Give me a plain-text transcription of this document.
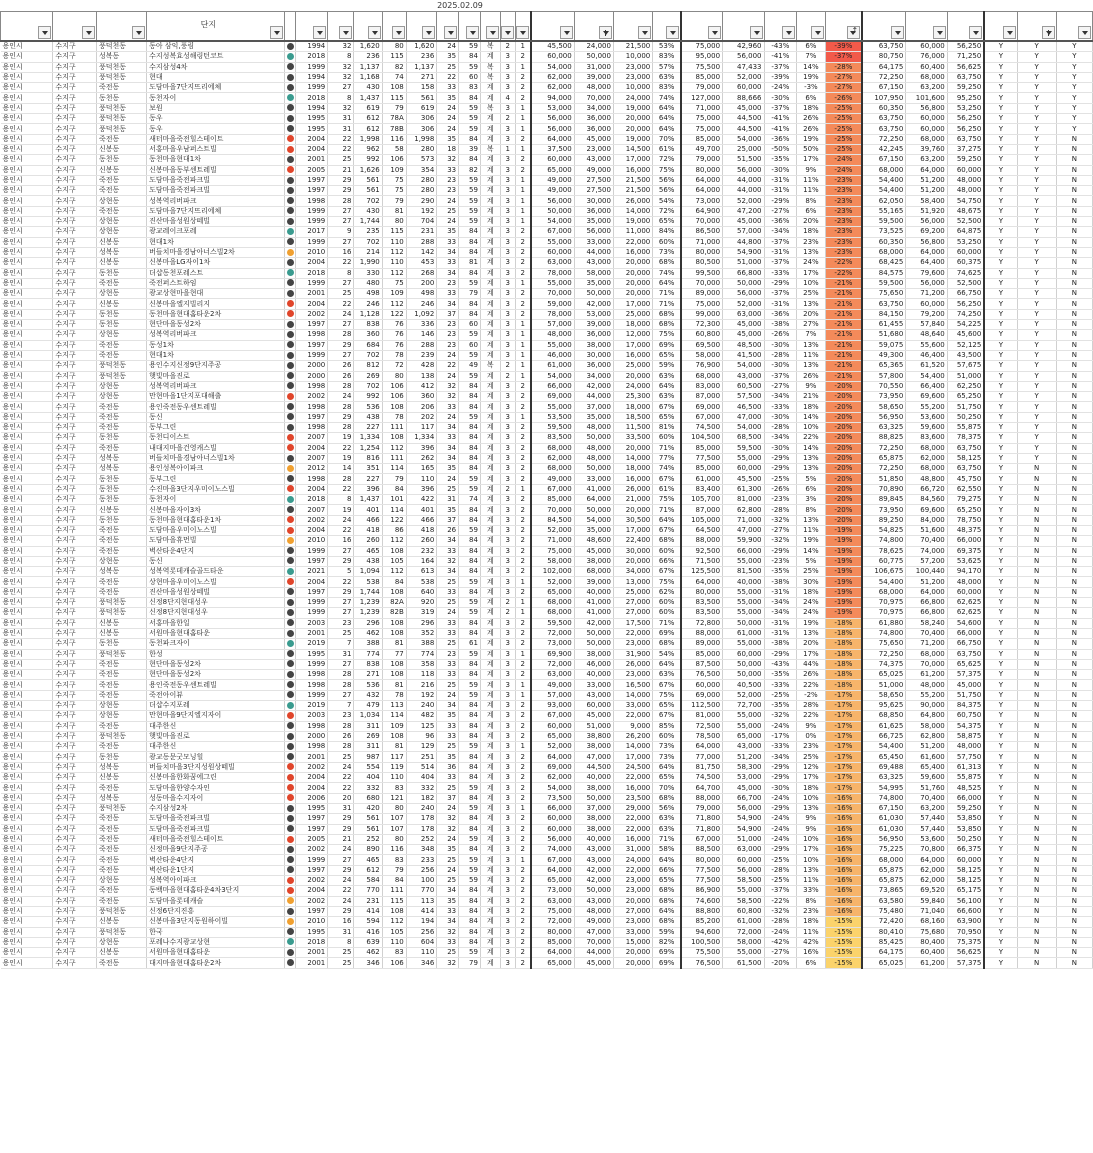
2025.02.09

			단지

↑

용인시	수지구	풍덕천동	동아 삼익,풍림		1994	32	1,620	80	1,620	24	59	복	2	1	45,500	24,000	21,500	53%	75,000	42,960	-43%	6%	-39%	63,750	60,000	56,250	Y	Y	Y
용인시	수지구	성복동	수지성복효성해링턴코트		2018	8	236	115	236	35	84	계	3	2	60,000	50,000	10,000	83%	95,000	56,000	-41%	7%	-37%	80,750	76,000	71,250	Y	Y	Y
용인시	수지구	풍덕천동	수지삼성4차		1999	32	1,137	82	1,137	25	59	복	3	1	54,000	31,000	23,000	57%	75,500	47,433	-37%	14%	-28%	64,175	60,400	56,625	Y	Y	Y
용인시	수지구	풍덕천동	현대		1994	32	1,168	74	271	22	60	복	3	2	62,000	39,000	23,000	63%	85,000	52,000	-39%	19%	-27%	72,250	68,000	63,750	Y	Y	Y
용인시	수지구	죽전동	도담마을7단지뜨리에체		1999	27	430	108	158	33	83	계	3	2	62,000	48,000	10,000	83%	79,000	60,000	-24%	-3%	-27%	67,150	63,200	59,250	Y	Y	Y
용인시	수지구	동천동	동천자이		2018	8	1,437	115	561	35	84	계	4	2	94,000	70,000	24,000	74%	127,000	88,666	-30%	6%	-26%	107,950	101,600	95,250	Y	Y	Y
용인시	수지구	풍덕천동	보원		1994	32	619	79	619	24	59	복	3	1	53,000	34,000	19,000	64%	71,000	45,000	-37%	18%	-25%	60,350	56,800	53,250	Y	Y	Y
용인시	수지구	풍덕천동	동우		1995	31	612	78A	306	24	59	계	2	1	56,000	36,000	20,000	64%	75,000	44,500	-41%	26%	-25%	63,750	60,000	56,250	Y	Y	Y
용인시	수지구	풍덕천동	동우		1995	31	612	78B	306	24	59	계	3	1	56,000	36,000	20,000	64%	75,000	44,500	-41%	26%	-25%	63,750	60,000	56,250	Y	Y	Y
용인시	수지구	죽전동	새터마을죽전힐스테이트		2004	22	1,998	116	1,998	35	84	계	3	2	64,000	45,000	19,000	70%	85,000	54,000	-36%	19%	-25%	72,250	68,000	63,750	Y	Y	N
용인시	수지구	신봉동	서홍마을우남퍼스트빌		2004	22	962	58	280	18	39	복	1	1	37,500	23,000	14,500	61%	49,700	25,000	-50%	50%	-25%	42,245	39,760	37,275	Y	Y	N
용인시	수지구	동천동	동천마을현대1차		2001	25	992	106	573	32	84	계	3	2	60,000	43,000	17,000	72%	79,000	51,500	-35%	17%	-24%	67,150	63,200	59,250	Y	Y	N
용인시	수지구	신봉동	신봉마을동부센트레빌		2005	21	1,626	109	354	33	82	계	3	2	65,000	49,000	16,000	75%	80,000	56,000	-30%	9%	-24%	68,000	64,000	60,000	Y	Y	N
용인시	수지구	죽전동	도담마을죽전파크빌		1997	29	561	75	280	23	59	계	3	1	49,000	27,500	21,500	56%	64,000	44,000	-31%	11%	-23%	54,400	51,200	48,000	Y	Y	N
용인시	수지구	죽전동	도담마을죽전파크빌		1997	29	561	75	280	23	59	계	3	1	49,000	27,500	21,500	56%	64,000	44,000	-31%	11%	-23%	54,400	51,200	48,000	Y	Y	N
용인시	수지구	상현동	성복역리버파크		1998	28	702	79	290	24	59	계	3	1	56,000	30,000	26,000	54%	73,000	52,000	-29%	8%	-23%	62,050	58,400	54,750	Y	Y	N
용인시	수지구	죽전동	도담마을7단지뜨리에체		1999	27	430	81	192	25	59	계	3	1	50,000	36,000	14,000	72%	64,900	47,200	-27%	6%	-23%	55,165	51,920	48,675	Y	Y	N
용인시	수지구	상현동	진산마을성원상떼빌		1999	27	1,744	80	704	24	59	계	3	1	54,000	35,000	19,000	65%	70,000	45,000	-36%	20%	-23%	59,500	56,000	52,500	Y	Y	N
용인시	수지구	상현동	광교레이크포레		2017	9	235	115	231	35	84	계	3	2	67,000	56,000	11,000	84%	86,500	57,000	-34%	18%	-23%	73,525	69,200	64,875	Y	Y	N
용인시	수지구	신봉동	현대1차		1999	27	702	110	288	33	84	계	3	2	55,000	33,000	22,000	60%	71,000	44,800	-37%	23%	-23%	60,350	56,800	53,250	Y	Y	N
용인시	수지구	성복동	버들치마을경남아너스빌2차		2010	16	214	112	142	34	84	계	3	2	60,000	44,000	16,000	73%	80,000	54,900	-31%	13%	-23%	68,000	64,000	60,000	Y	Y	N
용인시	수지구	신봉동	신봉마을LG자이1차		2004	22	1,990	110	453	33	81	계	3	2	63,000	43,000	20,000	68%	80,500	51,000	-37%	24%	-22%	68,425	64,400	60,375	Y	Y	N
용인시	수지구	동천동	더샵동천포레스트		2018	8	330	112	268	34	84	계	3	2	78,000	58,000	20,000	74%	99,500	66,800	-33%	17%	-22%	84,575	79,600	74,625	Y	Y	N
용인시	수지구	죽전동	죽전퍼스트하임		1999	27	480	75	200	23	59	계	3	1	55,000	35,000	20,000	64%	70,000	50,000	-29%	10%	-21%	59,500	56,000	52,500	Y	Y	N
용인시	수지구	상현동	광교상현마을현대		2001	25	498	109	498	33	79	계	3	2	70,000	50,000	20,000	71%	89,000	56,000	-37%	25%	-21%	75,650	71,200	66,750	Y	Y	N
용인시	수지구	신봉동	신봉마을엘지빌리지		2004	22	246	112	246	34	84	계	3	2	59,000	42,000	17,000	71%	75,000	52,000	-31%	13%	-21%	63,750	60,000	56,250	Y	Y	N
용인시	수지구	동천동	동천마을현대홈타운2차		2002	24	1,128	122	1,092	37	84	계	3	2	78,000	53,000	25,000	68%	99,000	63,000	-36%	20%	-21%	84,150	79,200	74,250	Y	Y	N
용인시	수지구	동천동	현단마을동성2차		1997	27	838	76	336	23	60	계	3	1	57,000	39,000	18,000	68%	72,300	45,000	-38%	27%	-21%	61,455	57,840	54,225	Y	Y	N
용인시	수지구	상현동	성복역리버파크		1998	28	360	76	146	23	59	계	3	1	48,000	36,000	12,000	75%	60,800	45,000	-26%	7%	-21%	51,680	48,640	45,600	Y	Y	N
용인시	수지구	죽전동	동성1차		1997	29	684	76	288	23	60	계	3	1	55,000	38,000	17,000	69%	69,500	48,500	-30%	13%	-21%	59,075	55,600	52,125	Y	Y	N
용인시	수지구	죽전동	현대1차		1999	27	702	78	239	24	59	계	3	1	46,000	30,000	16,000	65%	58,000	41,500	-28%	11%	-21%	49,300	46,400	43,500	Y	Y	N
용인시	수지구	풍덕천동	용인수지신정9단지주공		2000	26	812	72	428	22	49	복	2	1	61,000	36,000	25,000	59%	76,900	54,000	-30%	13%	-21%	65,365	61,520	57,675	Y	Y	N
용인시	수지구	풍덕천동	햇빛마을진로		2000	26	269	80	138	24	59	계	2	1	54,000	34,000	20,000	63%	68,000	43,000	-37%	26%	-21%	57,800	54,400	51,000	Y	Y	N
용인시	수지구	상현동	성복역리버파크		1998	28	702	106	412	32	84	계	3	2	66,000	42,000	24,000	64%	83,000	60,500	-27%	9%	-20%	70,550	66,400	62,250	Y	Y	N
용인시	수지구	상현동	만현마을1단지포대해출		2002	24	992	106	360	32	84	계	3	2	69,000	44,000	25,300	63%	87,000	57,500	-34%	21%	-20%	73,950	69,600	65,250	Y	Y	N
용인시	수지구	죽전동	용인죽전동우센트레빌		1998	28	536	108	206	33	84	계	3	2	55,000	37,000	18,000	67%	69,000	46,500	-33%	18%	-20%	58,650	55,200	51,750	Y	Y	N
용인시	수지구	죽전동	동신		1997	29	438	78	202	24	59	계	3	1	53,500	35,000	18,500	65%	67,000	47,000	-30%	14%	-20%	56,950	53,600	50,250	Y	Y	N
용인시	수지구	죽전동	동부그린		1998	28	227	111	117	34	84	계	3	2	59,500	48,000	11,500	81%	74,500	54,000	-28%	10%	-20%	63,325	59,600	55,875	Y	Y	N
용인시	수지구	동천동	동천디이스트		2007	19	1,334	108	1,334	33	84	계	3	2	83,500	50,000	33,500	60%	104,500	68,500	-34%	22%	-20%	88,825	83,600	78,375	Y	Y	N
용인시	수지구	죽전동	내대지마을건영캐스빌		2004	22	1,254	112	396	34	84	계	3	2	68,000	48,000	20,000	71%	85,000	59,500	-30%	14%	-20%	72,250	68,000	63,750	Y	Y	N
용인시	수지구	성복동	버들치마을경남아너스빌1차		2007	19	816	111	262	34	84	계	3	2	62,000	48,000	14,000	77%	77,500	55,000	-29%	13%	-20%	65,875	62,000	58,125	Y	Y	N
용인시	수지구	성복동	용인성복아이파크		2012	14	351	114	165	35	84	계	3	2	68,000	50,000	18,000	74%	85,000	60,000	-29%	13%	-20%	72,250	68,000	63,750	Y	N	N
용인시	수지구	동천동	동부그린		1998	28	227	79	110	24	59	계	3	2	49,000	33,000	16,000	67%	61,000	45,500	-25%	5%	-20%	51,850	48,800	45,750	Y	N	N
용인시	수지구	동천동	수진마을3단지우미이노스빌		2004	22	396	84	396	25	59	계	2	1	67,000	41,000	26,000	61%	83,400	61,300	-26%	6%	-20%	70,890	66,720	62,550	Y	N	N
용인시	수지구	동천동	동천자이		2018	8	1,437	101	422	31	74	계	3	2	85,000	64,000	21,000	75%	105,700	81,000	-23%	3%	-20%	89,845	84,560	79,275	Y	N	N
용인시	수지구	신봉동	신봉마을자이3차		2007	19	401	114	401	35	84	계	3	2	70,000	50,000	20,000	71%	87,000	62,800	-28%	8%	-20%	73,950	69,600	65,250	Y	N	N
용인시	수지구	동천동	동천마을현대홈타운1차		2002	24	466	122	466	37	84	계	3	2	84,500	54,000	30,500	64%	105,000	71,000	-32%	13%	-20%	89,250	84,000	78,750	Y	N	N
용인시	수지구	죽전동	도담마을우미이노스빌		2004	22	418	86	418	26	59	계	3	2	52,000	35,000	17,000	67%	64,500	47,000	-27%	11%	-19%	54,825	51,600	48,375	Y	N	N
용인시	수지구	죽전동	도담마을휴먼빌		2010	16	260	112	260	34	84	계	3	2	71,000	48,600	22,400	68%	88,000	59,900	-32%	19%	-19%	74,800	70,400	66,000	Y	N	N
용인시	수지구	죽전동	벽산타운4단지		1999	27	465	108	232	33	84	계	3	2	75,000	45,000	30,000	60%	92,500	66,000	-29%	14%	-19%	78,625	74,000	69,375	Y	N	N
용인시	수지구	상현동	동신		1997	29	438	105	164	32	84	계	3	2	58,000	38,000	20,000	66%	71,500	55,000	-23%	5%	-19%	60,775	57,200	53,625	Y	N	N
용인시	수지구	성복동	성복역롯데캐슬골드타운		2021	5	1,094	112	613	34	84	계	3	2	102,000	68,000	34,000	67%	125,500	81,500	-35%	25%	-19%	106,675	100,440	94,170	Y	N	N
용인시	수지구	죽전동	상현마을우미이노스빌		2004	22	538	84	538	25	59	계	3	1	52,000	39,000	13,000	75%	64,000	40,000	-38%	30%	-19%	54,400	51,200	48,000	Y	N	N
용인시	수지구	죽전동	진산마을성원상떼빌		1997	29	1,744	108	640	33	84	계	3	2	65,000	40,000	25,000	62%	80,000	55,000	-31%	18%	-19%	68,000	64,000	60,000	Y	N	N
용인시	수지구	풍덕천동	신정8단지현대성우		1999	27	1,239	82A	920	25	59	계	2	1	68,000	41,000	27,000	60%	83,500	55,000	-34%	24%	-19%	70,975	66,800	62,625	Y	N	N
용인시	수지구	풍덕천동	신정8단지현대성우		1999	27	1,239	82B	319	24	59	계	2	1	68,000	41,000	27,000	60%	83,500	55,000	-34%	24%	-19%	70,975	66,800	62,625	Y	N	N
용인시	수지구	신봉동	서홍마을한일		2003	23	296	108	296	33	84	계	3	2	59,500	42,000	17,500	71%	72,800	50,000	-31%	19%	-18%	61,880	58,240	54,600	Y	N	N
용인시	수지구	신봉동	서원마을현대홈타운		2001	25	462	108	352	33	84	계	3	2	72,000	50,000	22,000	69%	88,000	61,000	-31%	13%	-18%	74,800	70,400	66,000	Y	N	N
용인시	수지구	동천동	동천파크자이		2019	7	388	81	388	25	61	계	3	2	73,000	50,000	23,000	68%	89,000	55,000	-38%	20%	-18%	75,650	71,200	66,750	Y	N	N
용인시	수지구	풍덕천동	한성		1995	31	774	77	774	23	59	계	3	1	69,900	38,000	31,900	54%	85,000	60,000	-29%	17%	-18%	72,250	68,000	63,750	Y	N	N
용인시	수지구	죽전동	현단마을동성2차		1999	27	838	108	358	33	84	계	3	2	72,000	46,000	26,000	64%	87,500	50,000	-43%	44%	-18%	74,375	70,000	65,625	Y	N	N
용인시	수지구	죽전동	현단마을동성2차		1998	28	271	108	118	33	84	계	3	2	63,000	40,000	23,000	63%	76,500	50,000	-35%	26%	-18%	65,025	61,200	57,375	Y	N	N
용인시	수지구	죽전동	용인죽전동우센트레빌		1998	28	536	81	216	25	59	계	3	1	49,000	33,000	16,500	67%	60,000	40,500	-33%	22%	-18%	51,000	48,000	45,000	Y	N	N
용인시	수지구	죽전동	죽전아이뷰		1999	27	432	78	192	24	59	계	3	1	57,000	43,000	14,000	75%	69,000	52,000	-25%	-2%	-17%	58,650	55,200	51,750	Y	N	N
용인시	수지구	상현동	더샵수지포레		2019	7	479	113	240	34	84	계	3	2	93,000	60,000	33,000	65%	112,500	72,700	-35%	28%	-17%	95,625	90,000	84,375	Y	N	N
용인시	수지구	상현동	만현마을9단지엘지자이		2003	23	1,034	114	482	35	84	계	3	2	67,000	45,000	22,000	67%	81,000	55,000	-32%	22%	-17%	68,850	64,800	60,750	Y	N	N
용인시	수지구	죽전동	대주한신		1998	28	311	109	125	33	84	계	3	2	60,000	51,000	9,000	85%	72,500	55,000	-24%	9%	-17%	61,625	58,000	54,375	Y	N	N
용인시	수지구	풍덕천동	햇빛마을진로		2000	26	269	108	96	33	84	계	3	2	65,000	38,800	26,200	60%	78,500	65,000	-17%	0%	-17%	66,725	62,800	58,875	Y	N	N
용인시	수지구	죽전동	대주한신		1998	28	311	81	129	25	59	계	3	1	52,000	38,000	14,000	73%	64,000	43,000	-33%	23%	-17%	54,400	51,200	48,000	Y	N	N
용인시	수지구	동천동	광교동문굿모닝힐		2001	25	987	117	251	35	84	계	3	2	64,000	47,000	17,000	73%	77,000	51,200	-34%	25%	-17%	65,450	61,600	57,750	Y	N	N
용인시	수지구	성복동	버들치마을3단지성원상떼빌		2002	24	554	119	514	36	84	계	3	2	69,000	44,500	24,500	64%	81,750	58,300	-29%	12%	-17%	69,488	65,400	61,313	Y	N	N
용인시	수지구	신봉동	신봉마을한화꿈에그린		2004	22	404	110	404	33	84	계	3	2	62,000	40,000	22,000	65%	74,500	53,000	-29%	17%	-17%	63,325	59,600	55,875	Y	N	N
용인시	수지구	죽전동	도담마을한양수자인		2004	22	332	83	332	25	59	계	3	2	54,000	38,000	16,000	70%	64,700	45,000	-30%	18%	-17%	54,995	51,760	48,525	Y	N	N
용인시	수지구	성복동	성동마을수지자이		2006	20	680	121	182	37	84	계	3	2	73,500	50,000	23,500	68%	88,000	66,700	-24%	10%	-16%	74,800	70,400	66,000	Y	N	N
용인시	수지구	풍덕천동	수지삼성2차		1995	31	420	80	240	24	59	계	3	1	66,000	37,000	29,000	56%	79,000	56,000	-29%	13%	-16%	67,150	63,200	59,250	Y	N	N
용인시	수지구	죽전동	도담마을죽전파크빌		1997	29	561	107	178	32	84	계	3	2	60,000	38,000	22,000	63%	71,800	54,900	-24%	9%	-16%	61,030	57,440	53,850	Y	N	N
용인시	수지구	죽전동	도담마을죽전파크빌		1997	29	561	107	178	32	84	계	3	2	60,000	38,000	22,000	63%	71,800	54,900	-24%	9%	-16%	61,030	57,440	53,850	Y	N	N
용인시	수지구	죽전동	새터마을죽전힐스테이트		2005	21	252	80	252	24	59	계	3	2	56,000	40,000	16,000	71%	67,000	51,000	-24%	10%	-16%	56,950	53,600	50,250	Y	N	N
용인시	수지구	죽전동	신정마을9단지주공		2002	24	890	116	348	35	84	계	3	2	74,000	43,000	31,000	58%	88,500	63,000	-29%	17%	-16%	75,225	70,800	66,375	Y	N	N
용인시	수지구	죽전동	벽산타운4단지		1999	27	465	83	233	25	59	계	3	1	67,000	43,000	24,000	64%	80,000	60,000	-25%	10%	-16%	68,000	64,000	60,000	Y	N	N
용인시	수지구	죽전동	벽산타운1단지		1997	29	612	79	256	24	59	계	3	2	64,000	42,000	22,000	66%	77,500	56,000	-28%	13%	-16%	65,875	62,000	58,125	Y	N	N
용인시	수지구	상현동	성복역아이파크		2002	24	584	84	100	25	59	계	3	2	65,000	42,000	23,000	65%	77,500	58,500	-25%	11%	-16%	65,875	62,000	58,125	Y	N	N
용인시	수지구	죽전동	동백마을현대홈타운4차3단지		2004	22	770	111	770	34	84	계	3	2	73,000	50,000	23,000	68%	86,900	55,000	-37%	33%	-16%	73,865	69,520	65,175	Y	N	N
용인시	수지구	죽전동	도담마을롯데캐슬		2002	24	231	115	113	35	84	계	3	2	63,000	43,000	20,000	68%	74,600	58,500	-22%	8%	-16%	63,580	59,840	56,100	Y	N	N
용인시	수지구	풍덕천동	신정6단지진흥		1997	29	414	108	414	33	84	계	3	2	75,000	48,000	27,000	64%	88,800	60,800	-32%	23%	-16%	75,480	71,040	66,600	Y	N	N
용인시	수지구	신봉동	신봉마을3단지동원하이빌		2010	16	594	112	194	34	84	계	3	2	72,000	49,000	23,000	68%	85,200	61,000	-28%	18%	-15%	72,420	68,160	63,900	Y	N	N
용인시	수지구	풍덕천동	한국		1995	31	416	105	256	32	84	계	3	2	80,000	47,000	33,000	59%	94,600	72,000	-24%	11%	-15%	80,410	75,680	70,950	Y	N	N
용인시	수지구	상현동	포레나수지광교상현		2018	8	639	110	604	33	84	계	3	2	85,000	70,000	15,000	82%	100,500	58,000	-42%	42%	-15%	85,425	80,400	75,375	Y	N	N
용인시	수지구	신봉동	서원마을현대홈타운		2001	25	462	83	110	25	59	계	3	2	64,000	44,000	20,000	69%	75,500	55,000	-27%	16%	-15%	64,175	60,400	56,625	Y	N	N
용인시	수지구	죽전동	대지마을현대홈타운2차		2001	25	346	106	346	32	79	계	3	2	65,000	45,000	20,000	69%	76,500	61,500	-20%	6%	-15%	65,025	61,200	57,375	Y	N	N
